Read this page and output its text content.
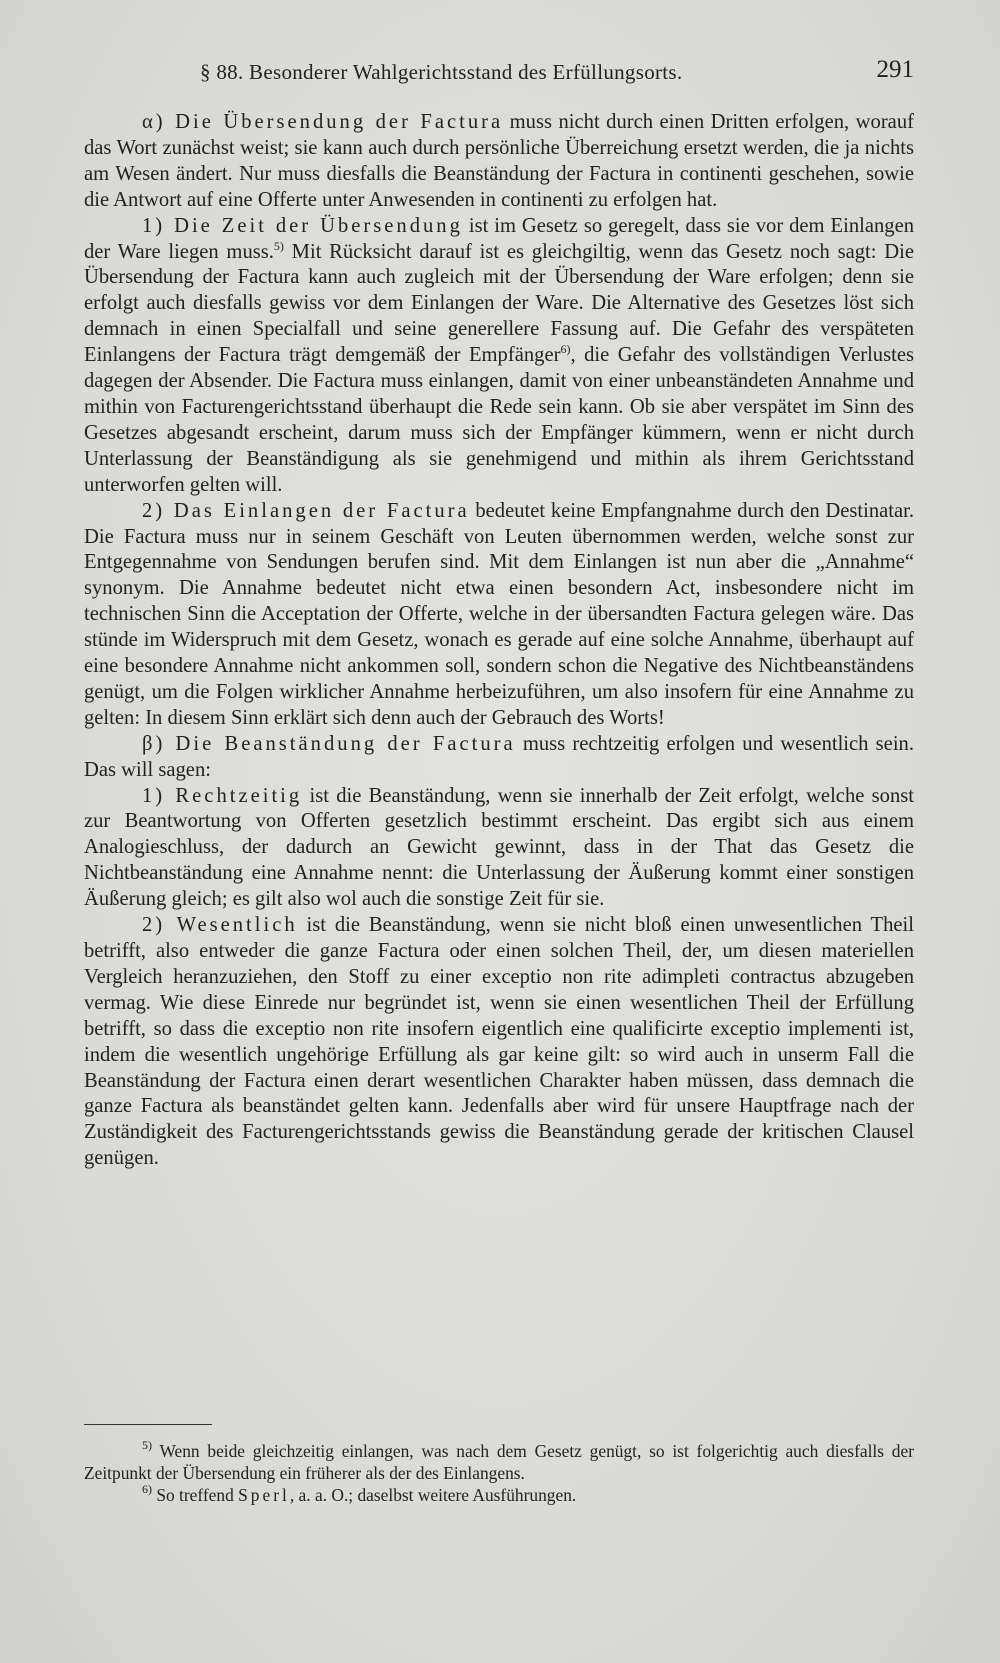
§ 88. Besonderer Wahlgerichtsstand des Erfüllungsorts.	291

α) Die Übersendung der Factura muss nicht durch einen Dritten erfolgen, worauf das Wort zunächst weist; sie kann auch durch persönliche Überreichung ersetzt werden, die ja nichts am Wesen ändert. Nur muss diesfalls die Beanständung der Factura in continenti geschehen, sowie die Antwort auf eine Offerte unter Anwesenden in continenti zu erfolgen hat.

1) Die Zeit der Übersendung ist im Gesetz so geregelt, dass sie vor dem Einlangen der Ware liegen muss.$^{5)}$ Mit Rücksicht darauf ist es gleichgiltig, wenn das Gesetz noch sagt: Die Übersendung der Factura kann auch zugleich mit der Übersendung der Ware erfolgen; denn sie erfolgt auch diesfalls gewiss vor dem Einlangen der Ware. Die Alternative des Gesetzes löst sich demnach in einen Specialfall und seine generellere Fassung auf. Die Gefahr des verspäteten Einlangens der Factura trägt demgemäß der Empfänger$^{6)}$, die Gefahr des vollständigen Verlustes dagegen der Absender. Die Factura muss einlangen, damit von einer unbeanständeten Annahme und mithin von Facturengerichtsstand überhaupt die Rede sein kann. Ob sie aber verspätet im Sinn des Gesetzes abgesandt erscheint, darum muss sich der Empfänger kümmern, wenn er nicht durch Unterlassung der Beanständigung als sie genehmigend und mithin als ihrem Gerichtsstand unterworfen gelten will.

2) Das Einlangen der Factura bedeutet keine Empfangnahme durch den Destinatar. Die Factura muss nur in seinem Geschäft von Leuten übernommen werden, welche sonst zur Entgegennahme von Sendungen berufen sind. Mit dem Einlangen ist nun aber die „Annahme“ synonym. Die Annahme bedeutet nicht etwa einen besondern Act, insbesondere nicht im technischen Sinn die Acceptation der Offerte, welche in der übersandten Factura gelegen wäre. Das stünde im Widerspruch mit dem Gesetz, wonach es gerade auf eine solche Annahme, überhaupt auf eine besondere Annahme nicht ankommen soll, sondern schon die Negative des Nichtbeanständens genügt, um die Folgen wirklicher Annahme herbeizuführen, um also insofern für eine Annahme zu gelten: In diesem Sinn erklärt sich denn auch der Gebrauch des Worts!

β) Die Beanständung der Factura muss rechtzeitig erfolgen und wesentlich sein. Das will sagen:

1) Rechtzeitig ist die Beanständung, wenn sie innerhalb der Zeit erfolgt, welche sonst zur Beantwortung von Offerten gesetzlich bestimmt erscheint. Das ergibt sich aus einem Analogieschluss, der dadurch an Gewicht gewinnt, dass in der That das Gesetz die Nichtbeanständung eine Annahme nennt: die Unterlassung der Äußerung kommt einer sonstigen Äußerung gleich; es gilt also wol auch die sonstige Zeit für sie.

2) Wesentlich ist die Beanständung, wenn sie nicht bloß einen unwesentlichen Theil betrifft, also entweder die ganze Factura oder einen solchen Theil, der, um diesen materiellen Vergleich heranzuziehen, den Stoff zu einer exceptio non rite adimpleti contractus abzugeben vermag. Wie diese Einrede nur begründet ist, wenn sie einen wesentlichen Theil der Erfüllung betrifft, so dass die exceptio non rite insofern eigentlich eine qualificirte exceptio implementi ist, indem die wesentlich ungehörige Erfüllung als gar keine gilt: so wird auch in unserm Fall die Beanständung der Factura einen derart wesentlichen Charakter haben müssen, dass demnach die ganze Factura als beanständet gelten kann. Jedenfalls aber wird für unsere Hauptfrage nach der Zuständigkeit des Facturengerichtsstands gewiss die Beanständung gerade der kritischen Clausel genügen.

$^{5)}$ Wenn beide gleichzeitig einlangen, was nach dem Gesetz genügt, so ist folgerichtig auch diesfalls der Zeitpunkt der Übersendung ein früherer als der des Einlangens.

$^{6)}$ So treffend Sperl, a. a. O.; daselbst weitere Ausführungen.
